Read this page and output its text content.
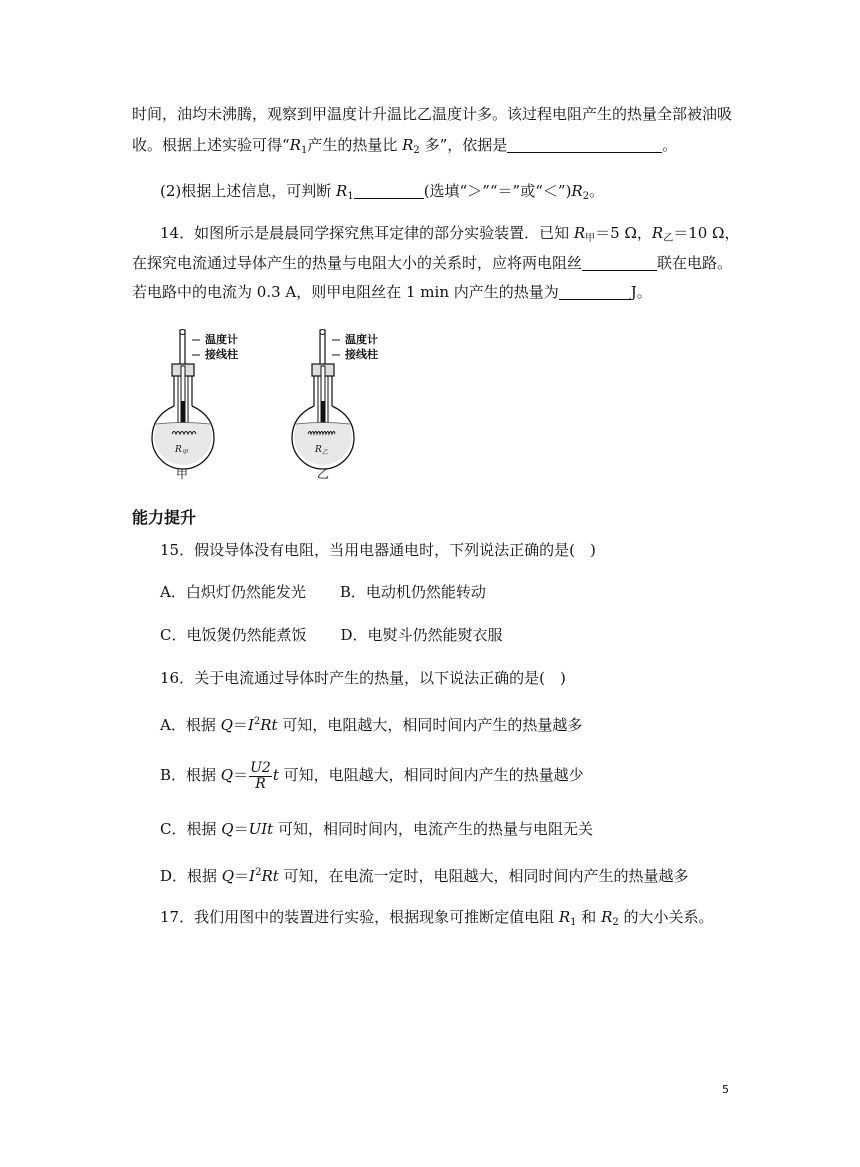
时间，油均未沸腾，观察到甲温度计升温比乙温度计多。该过程电阻产生的热量全部被油吸
收。根据上述实验可得“$R_1$产生的热量比 $R_2$ 多”，依据是	。
(2)根据上述信息，可判断 $R_1$	(选填“＞”“＝”或“$<”)R_2$。
14．如图所示是晨晨同学探究焦耳定律的部分实验装置．已知 $R_甲=5$ Ω，$R_乙=10$ Ω，
在探究电流通过导体产生的热量与电阻大小的关系时，应将两电阻丝	联在电路。
若电路中的电流为 0.3 A，则甲电阻丝在 1 min 内产生的热量为	J。
$R_甲$
甲
温度计
接线柱
$R_乙$
乙
温度计
接线柱
能力提升
15．假设导体没有电阻，当用电器通电时，下列说法正确的是(　)
A．白炽灯仍然能发光 B．电动机仍然能转动
C．电饭煲仍然能煮饭 D．电熨斗仍然能熨衣服
16．关于电流通过导体时产生的热量，以下说法正确的是(　)
A．根据 $Q=I^2Rt$ 可知，电阻越大，相同时间内产生的热量越多
B．根据 $Q= \frac{U2}{R}$ t 可知，电阻越大，相同时间内产生的热量越少
C．根据 Q＝UIt 可知，相同时间内，电流产生的热量与电阻无关
D．根据 $Q=I^2Rt$ 可知，在电流一定时，电阻越大，相同时间内产生的热量越多
17．我们用图中的装置进行实验，根据现象可推断定值电阻 $R_1$ 和 $R_2$ 的大小关系。
5
